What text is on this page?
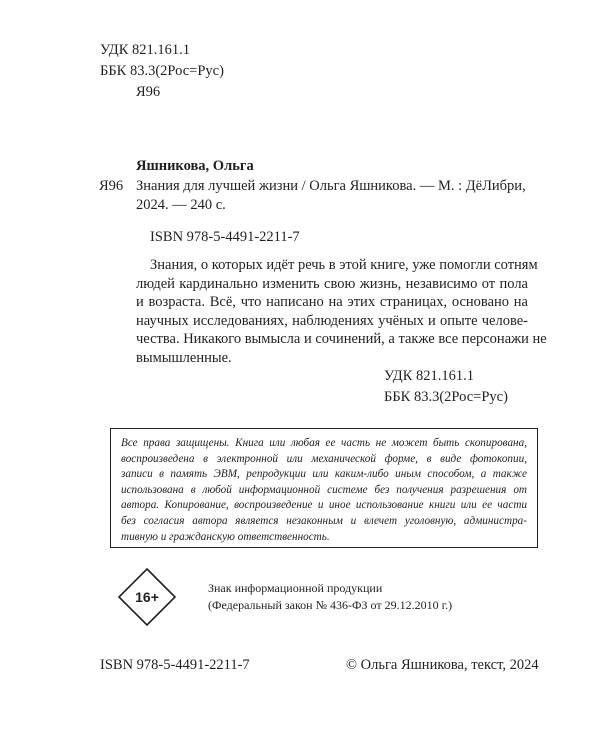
УДК 821.161.1
ББК 83.3(2Рос=Рус)
Я96
Яшникова, Ольга
Я96 Знания для лучшей жизни / Ольга Яшникова. — М. : ДёЛибри,
2024. — 240 с.
ISBN 978-5-4491-2211-7
Знания, о которых идёт речь в этой книге, уже помогли сотням
людей кардинально изменить свою жизнь, независимо от пола
и возраста. Всё, что написано на этих страницах, основано на
научных исследованиях, наблюдениях учёных и опыте челове-
чества. Никакого вымысла и сочинений, а также все персонажи не
вымышленные.
УДК 821.161.1
ББК 83.3(2Рос=Рус)
Все права защищены. Книга или любая ее часть не может быть скопирована,
воспроизведена в электронной или механической форме, в виде фотокопии,
записи в память ЭВМ, репродукции или каким-либо иным способом, а также
использована в любой информационной системе без получения разрешения от
автора. Копирование, воспроизведение и иное использование книги или ее части
без согласия автора является незаконным и влечет уголовную, администра-
тивную и гражданскую ответственность.
16+
Знак информационной продукции
(Федеральный закон № 436-ФЗ от 29.12.2010 г.)
ISBN 978-5-4491-2211-7	© Ольга Яшникова, текст, 2024
